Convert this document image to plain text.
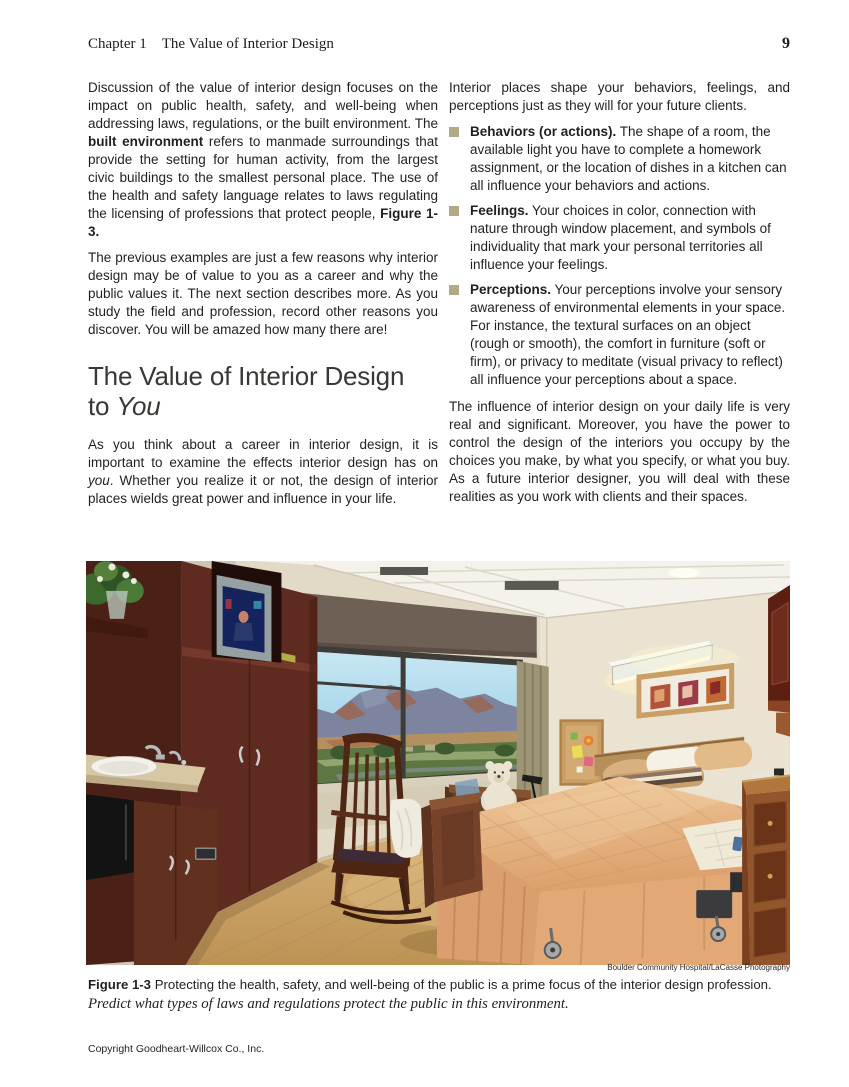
Chapter 1 The Value of Interior Design	9

Discussion of the value of interior design focuses on the impact on public health, safety, and well-being when addressing laws, regulations, or the built environment. The built environment refers to manmade surroundings that provide the setting for human activity, from the largest civic buildings to the smallest personal place. The use of the health and safety language relates to laws regulating the licensing of professions that protect people, Figure 1-3.

The previous examples are just a few reasons why interior design may be of value to you as a career and why the public values it. The next section describes more. As you study the field and profession, record other reasons you discover. You will be amazed how many there are!

The Value of Interior Design
to You

As you think about a career in interior design, it is important to examine the effects interior design has on you. Whether you realize it or not, the design of interior places wields great power and influence in your life.

Interior places shape your behaviors, feelings, and perceptions just as they will for your future clients.

Behaviors (or actions). The shape of a room, the available light you have to complete a homework assignment, or the location of dishes in a kitchen can all influence your behaviors and actions.
Feelings. Your choices in color, connection with nature through window placement, and symbols of individuality that mark your personal territories all influence your feelings.
Perceptions. Your perceptions involve your sensory awareness of environmental elements in your space. For instance, the textural surfaces on an object (rough or smooth), the comfort in furniture (soft or firm), or privacy to meditate (visual privacy to reflect) all influence your perceptions about a space.

The influence of interior design on your daily life is very real and significant. Moreover, you have the power to control the design of the interiors you occupy by the choices you make, by what you specify, or what you buy. As a future interior designer, you will deal with these realities as you work with clients and their spaces.

Boulder Community Hospital/LaCasse Photography
Figure 1-3 Protecting the health, safety, and well-being of the public is a prime focus of the interior design profession. Predict what types of laws and regulations protect the public in this environment.
Copyright Goodheart-Willcox Co., Inc.
